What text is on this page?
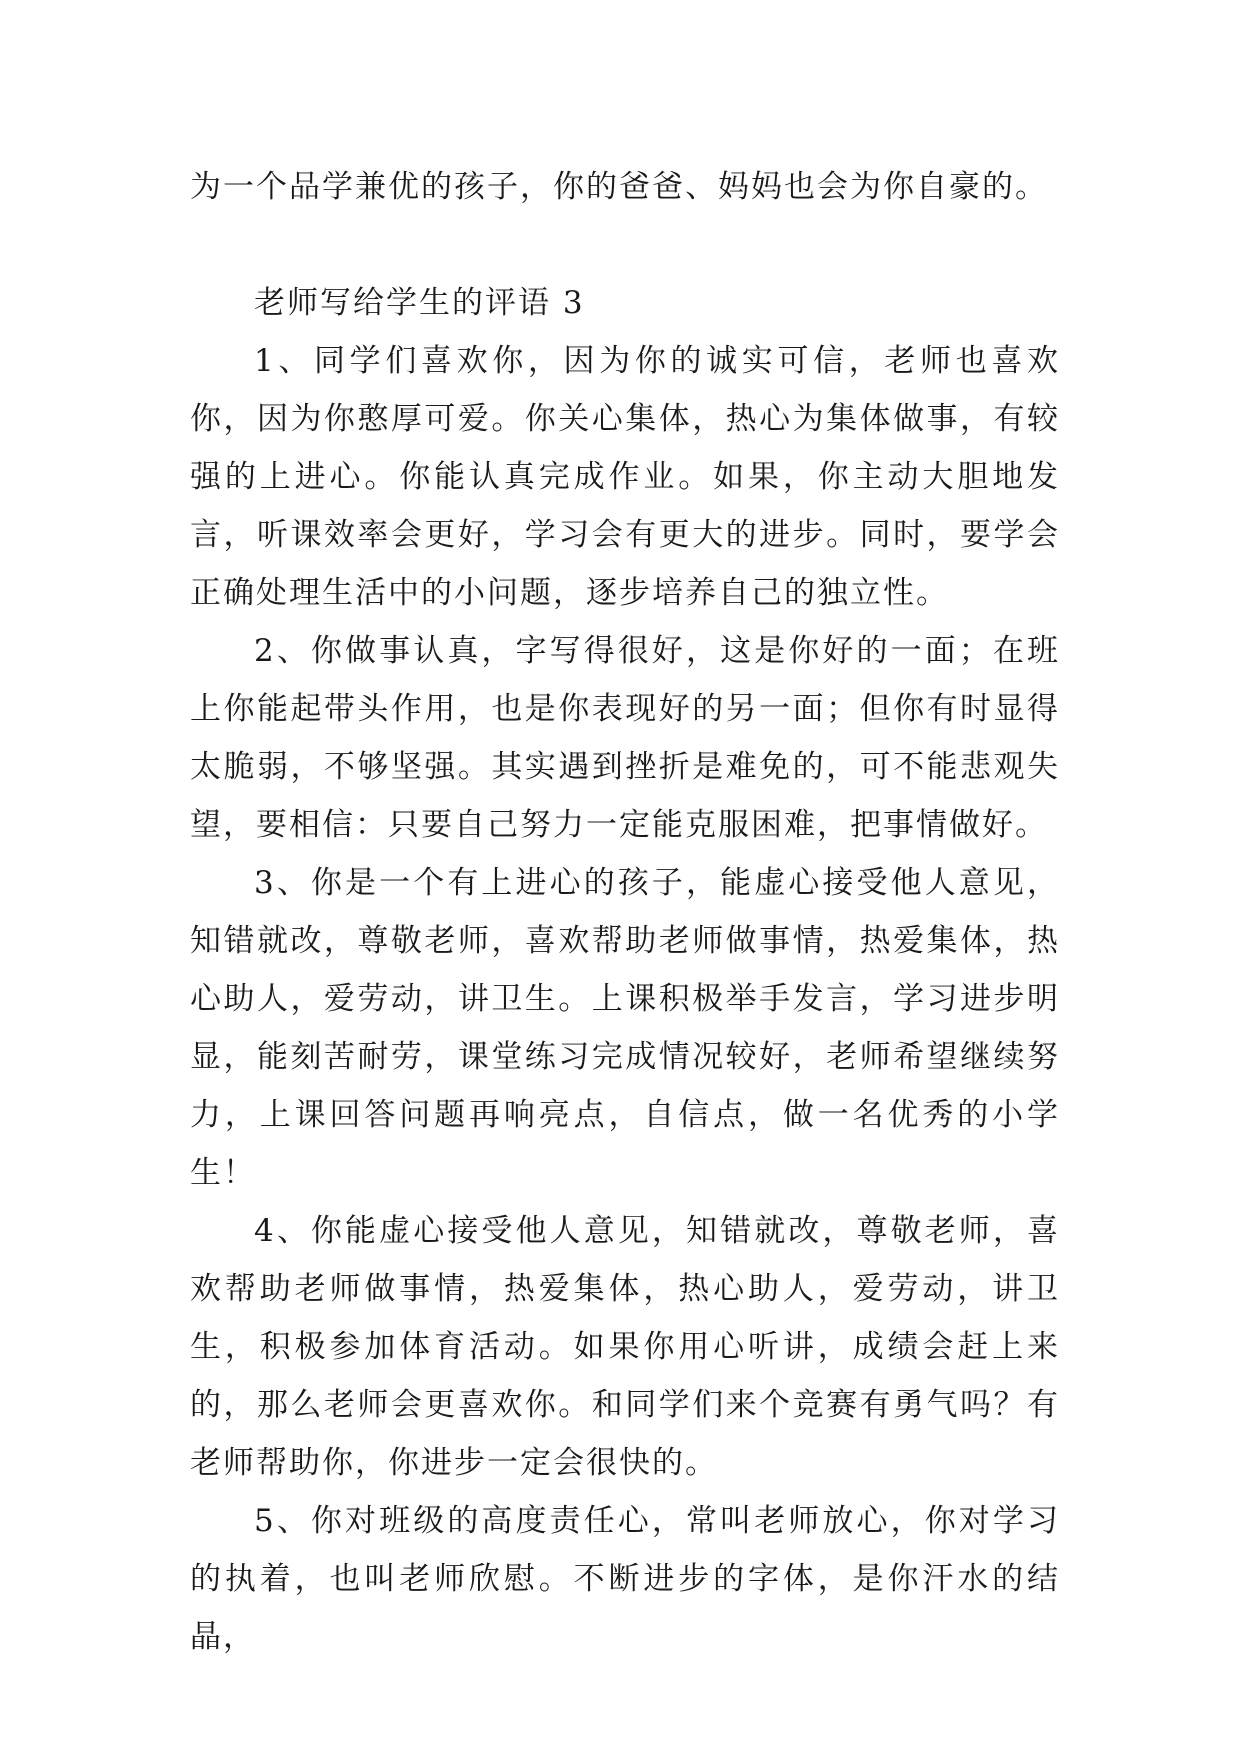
为一个品学兼优的孩子，你的爸爸、妈妈也会为你自豪的。

老师写给学生的评语 3

1、同学们喜欢你，因为你的诚实可信，老师也喜欢你，因为你憨厚可爱。你关心集体，热心为集体做事，有较强的上进心。你能认真完成作业。如果，你主动大胆地发言，听课效率会更好，学习会有更大的进步。同时，要学会正确处理生活中的小问题，逐步培养自己的独立性。

2、你做事认真，字写得很好，这是你好的一面；在班上你能起带头作用，也是你表现好的另一面；但你有时显得太脆弱，不够坚强。其实遇到挫折是难免的，可不能悲观失望，要相信：只要自己努力一定能克服困难，把事情做好。

3、你是一个有上进心的孩子，能虚心接受他人意见，知错就改，尊敬老师，喜欢帮助老师做事情，热爱集体，热心助人，爱劳动，讲卫生。上课积极举手发言，学习进步明显，能刻苦耐劳，课堂练习完成情况较好，老师希望继续努力，上课回答问题再响亮点，自信点，做一名优秀的小学生！

4、你能虚心接受他人意见，知错就改，尊敬老师，喜欢帮助老师做事情，热爱集体，热心助人，爱劳动，讲卫生，积极参加体育活动。如果你用心听讲，成绩会赶上来的，那么老师会更喜欢你。和同学们来个竞赛有勇气吗？有老师帮助你，你进步一定会很快的。

5、你对班级的高度责任心，常叫老师放心，你对学习的执着，也叫老师欣慰。不断进步的字体，是你汗水的结晶，
